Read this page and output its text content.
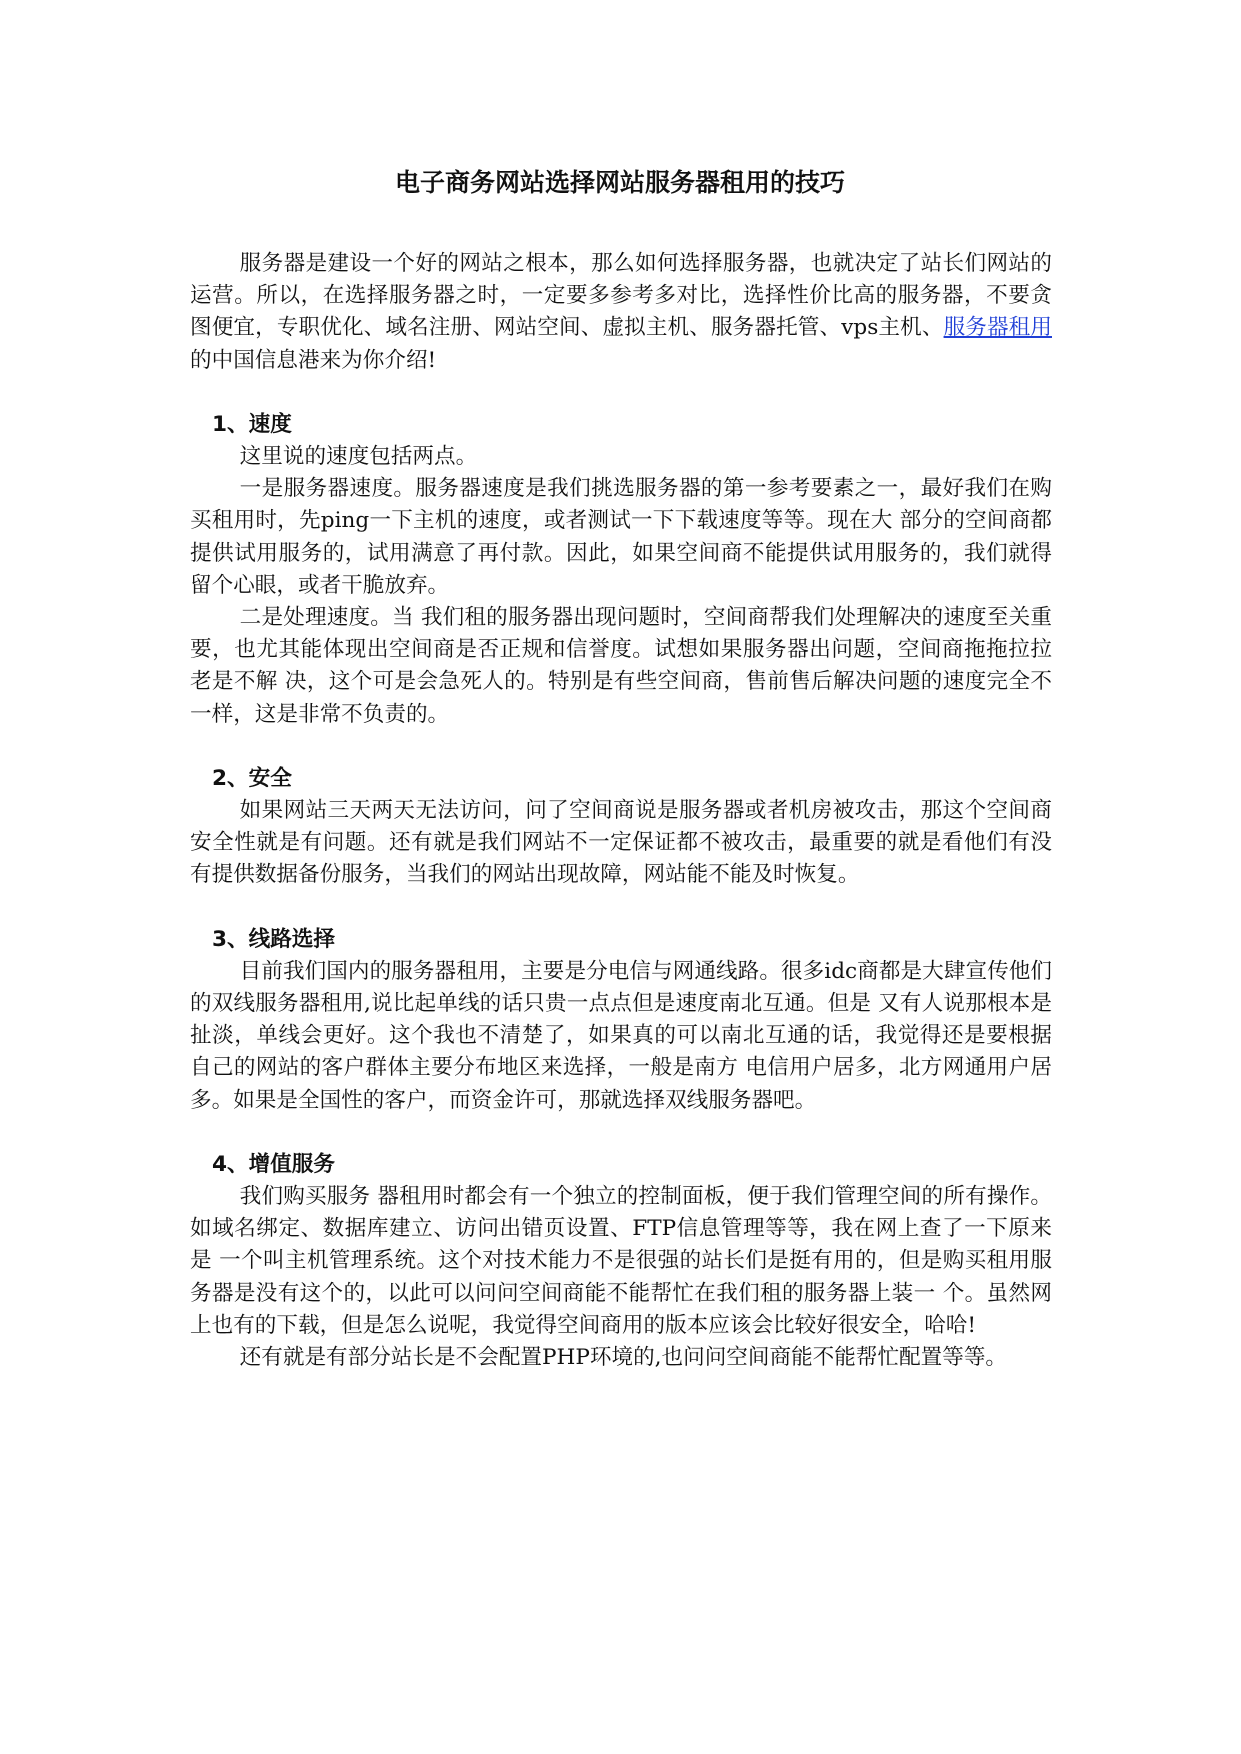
电子商务网站选择网站服务器租用的技巧

服务器是建设一个好的网站之根本，那么如何选择服务器，也就决定了站长们网站的运营。所以，在选择服务器之时，一定要多参考多对比，选择性价比高的服务器，不要贪图便宜，专职优化、域名注册、网站空间、虚拟主机、服务器托管、vps主机、服务器租用的中国信息港来为你介绍!

1、速度

这里说的速度包括两点。

一是服务器速度。服务器速度是我们挑选服务器的第一参考要素之一，最好我们在购买租用时，先ping一下主机的速度，或者测试一下下载速度等等。现在大 部分的空间商都提供试用服务的，试用满意了再付款。因此，如果空间商不能提供试用服务的，我们就得留个心眼，或者干脆放弃。

二是处理速度。当 我们租的服务器出现问题时，空间商帮我们处理解决的速度至关重要，也尤其能体现出空间商是否正规和信誉度。试想如果服务器出问题，空间商拖拖拉拉老是不解 决，这个可是会急死人的。特别是有些空间商，售前售后解决问题的速度完全不一样，这是非常不负责的。

2、安全

如果网站三天两天无法访问，问了空间商说是服务器或者机房被攻击，那这个空间商安全性就是有问题。还有就是我们网站不一定保证都不被攻击，最重要的就是看他们有没有提供数据备份服务，当我们的网站出现故障，网站能不能及时恢复。

3、线路选择

目前我们国内的服务器租用，主要是分电信与网通线路。很多idc商都是大肆宣传他们的双线服务器租用,说比起单线的话只贵一点点但是速度南北互通。但是 又有人说那根本是扯淡，单线会更好。这个我也不清楚了，如果真的可以南北互通的话，我觉得还是要根据自己的网站的客户群体主要分布地区来选择，一般是南方 电信用户居多，北方网通用户居多。如果是全国性的客户，而资金许可，那就选择双线服务器吧。

4、增值服务

我们购买服务 器租用时都会有一个独立的控制面板，便于我们管理空间的所有操作。如域名绑定、数据库建立、访问出错页设置、FTP信息管理等等，我在网上查了一下原来是 一个叫主机管理系统。这个对技术能力不是很强的站长们是挺有用的，但是购买租用服务器是没有这个的，以此可以问问空间商能不能帮忙在我们租的服务器上装一 个。虽然网上也有的下载，但是怎么说呢，我觉得空间商用的版本应该会比较好很安全，哈哈!

还有就是有部分站长是不会配置PHP环境的,也问问空间商能不能帮忙配置等等。
